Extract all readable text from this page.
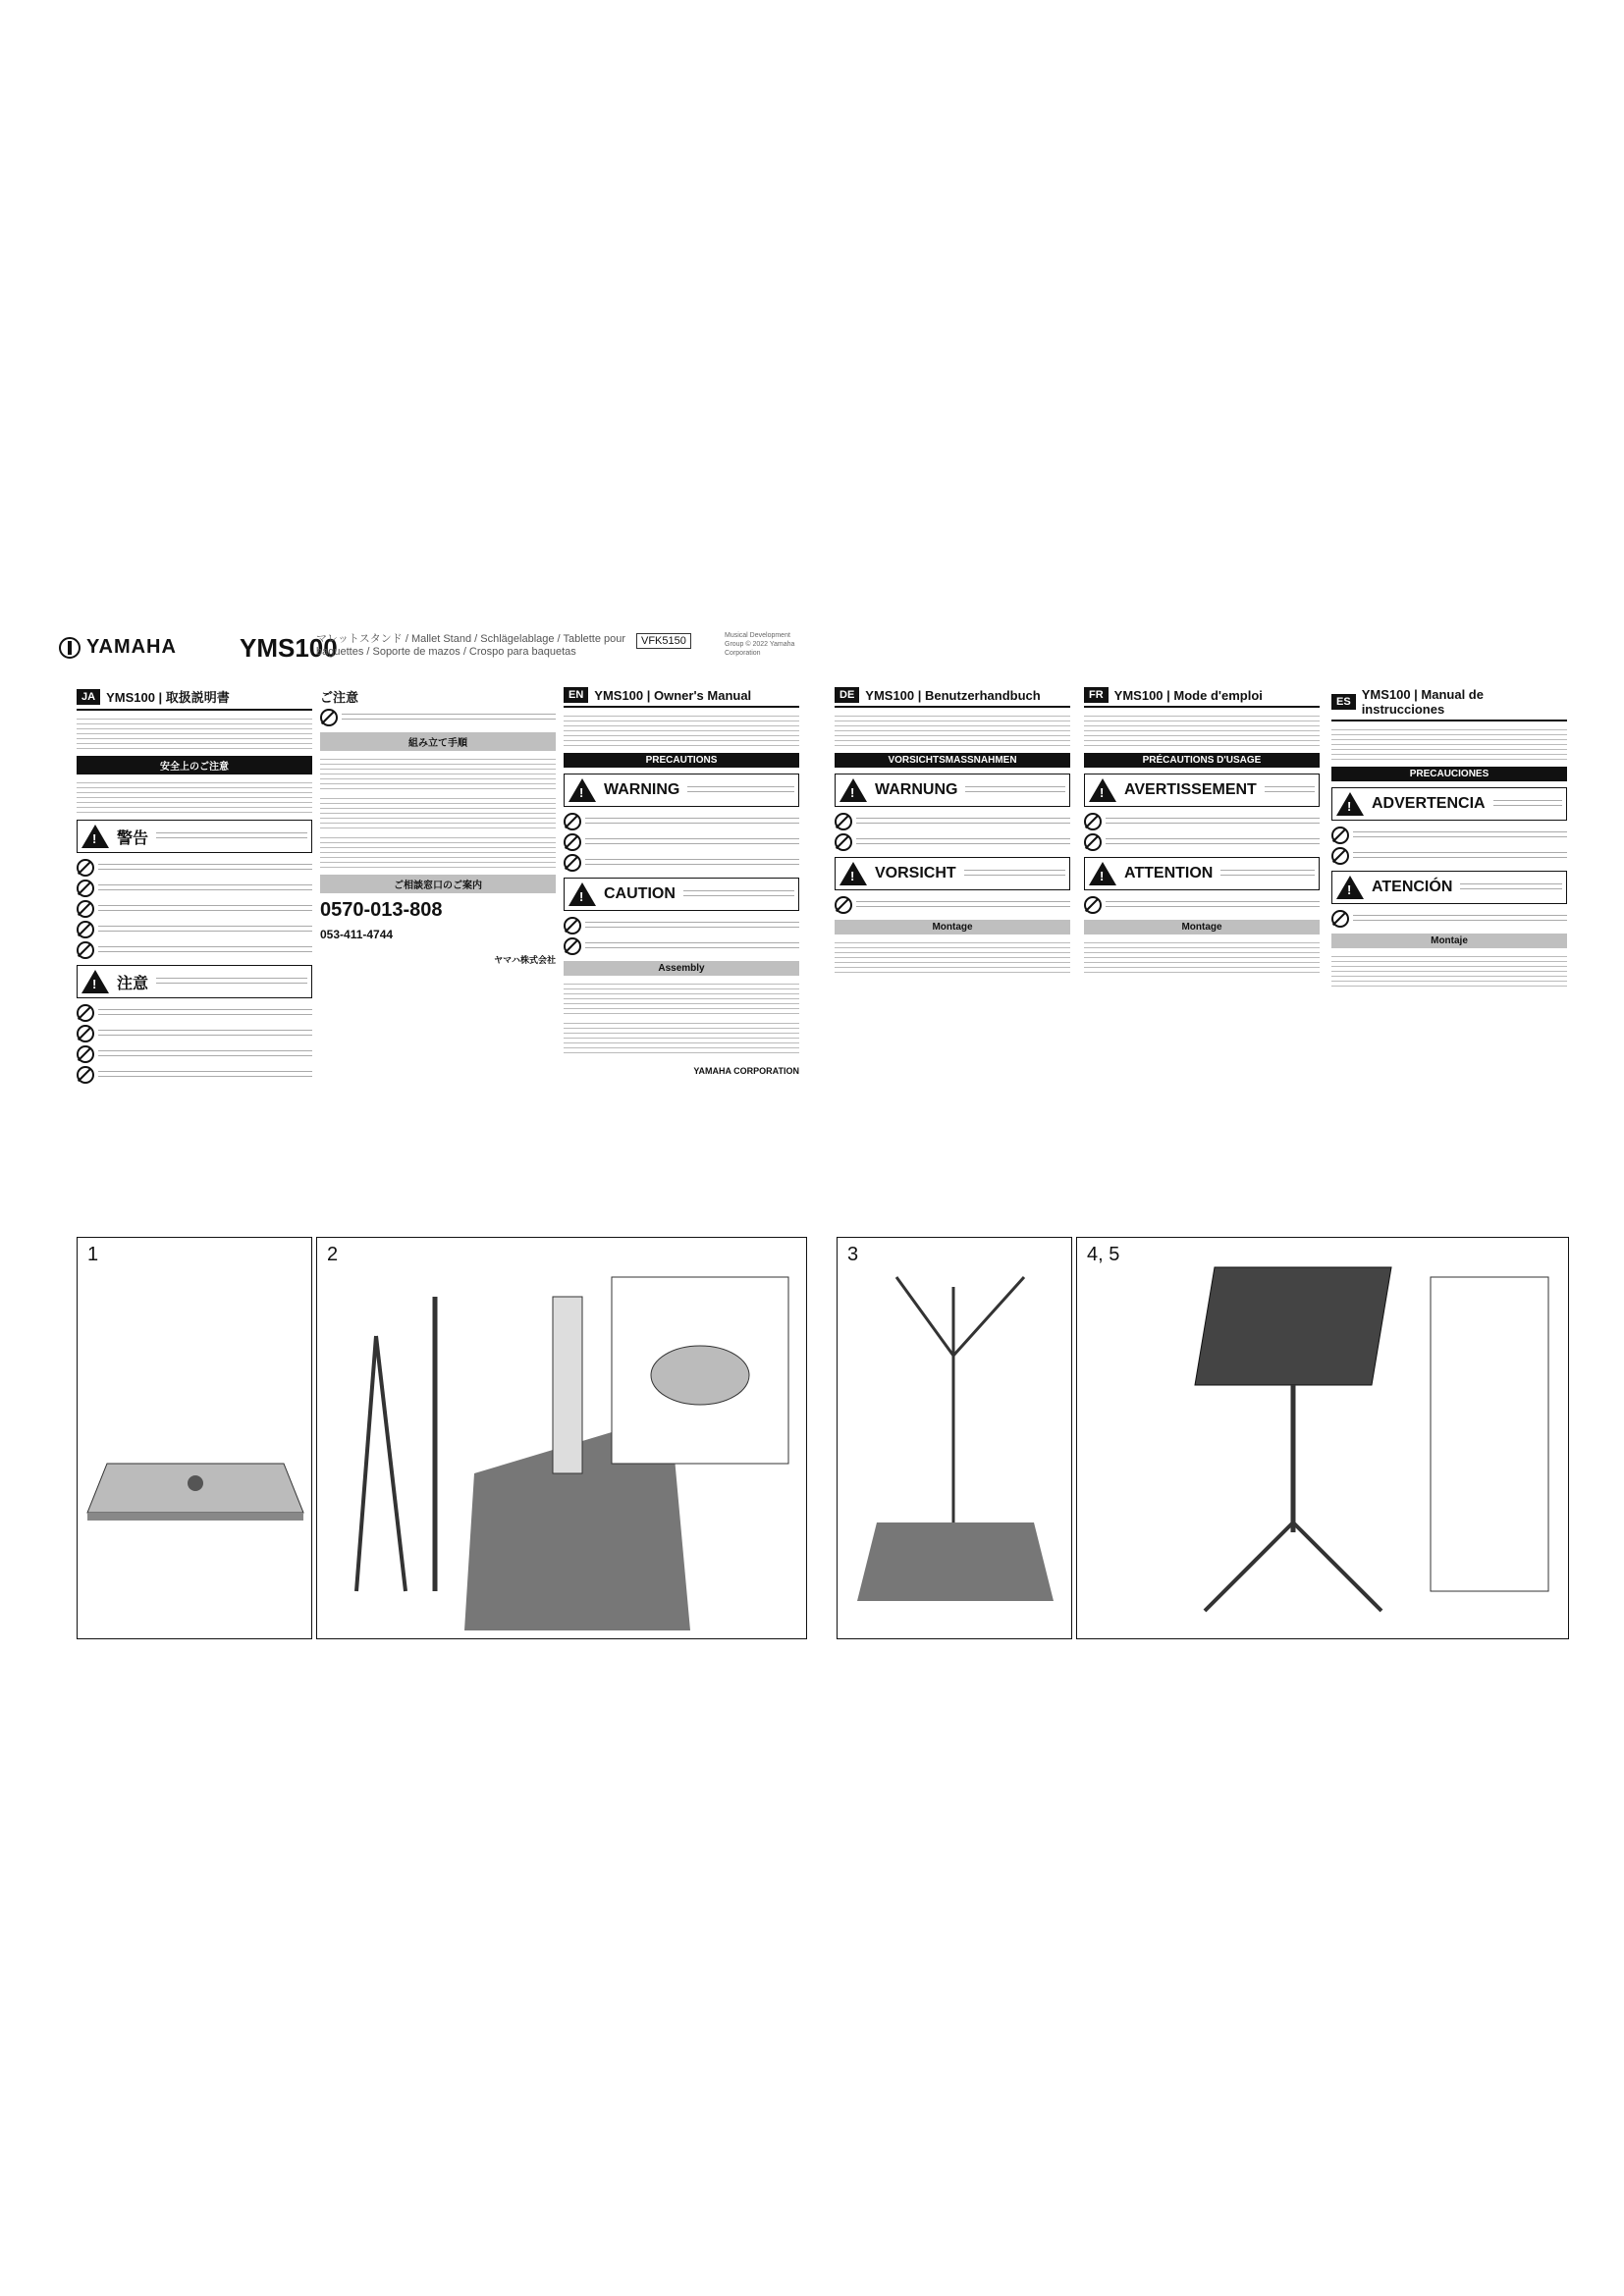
YAMAHA YMS100
マレットスタンド / Mallet Stand / Schlägelablage / Tablette pour baguettes / Soporte de mazos / Crospo para baquetas
VFK5150	Musical Development Group © 2022 Yamaha Corporation
JA YMS100 | 取扱説明書
安全上のご注意
!
警告
!
注意
ご注意
組み立て手順
ご相談窓口のご案内
0570-013-808
053-411-4744
ヤマハ株式会社
EN YMS100 | Owner's Manual
PRECAUTIONS
!
WARNING
!
CAUTION
Assembly
YAMAHA CORPORATION
DE YMS100 | Benutzerhandbuch
VORSICHTSMASSNAHMEN
!
WARNUNG
!
VORSICHT
Montage
FR YMS100 | Mode d'emploi
PRÉCAUTIONS D'USAGE
!
AVERTISSEMENT
!
ATTENTION
Montage
ES YMS100 | Manual de instrucciones
PRECAUCIONES
!
ADVERTENCIA
!
ATENCIÓN
Montaje
1	2	3	4, 5
